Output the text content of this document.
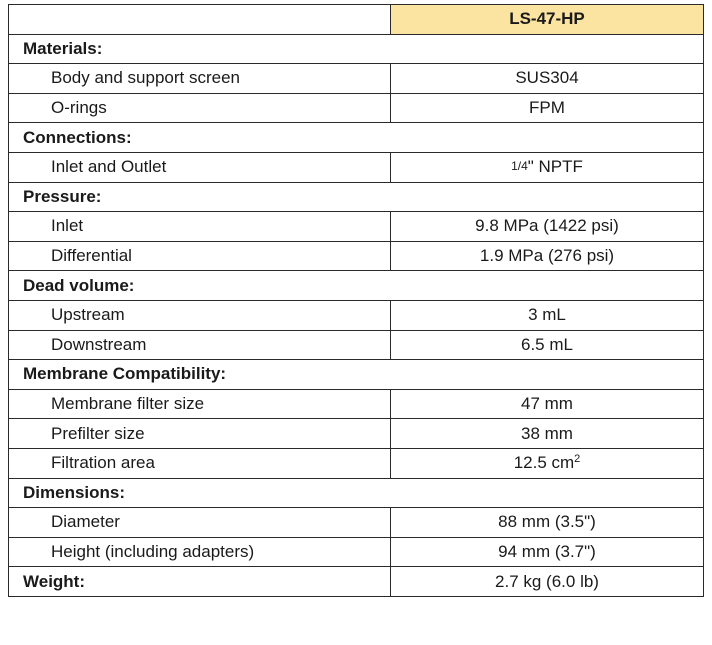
	LS-47-HP
Materials:	
Body and support screen	SUS304
O-rings	FPM
Connections:	
Inlet and Outlet	1/4" NPTF
Pressure:	
Inlet	9.8 MPa (1422 psi)
Differential	1.9 MPa (276 psi)
Dead volume:	
Upstream	3 mL
Downstream	6.5 mL
Membrane Compatibility:	
Membrane filter size	47 mm
Prefilter size	38 mm
Filtration area	12.5 $cm^2$
Dimensions:	
Diameter	88 mm (3.5")
Height (including adapters)	94 mm (3.7")
Weight:	2.7 kg (6.0 lb)
